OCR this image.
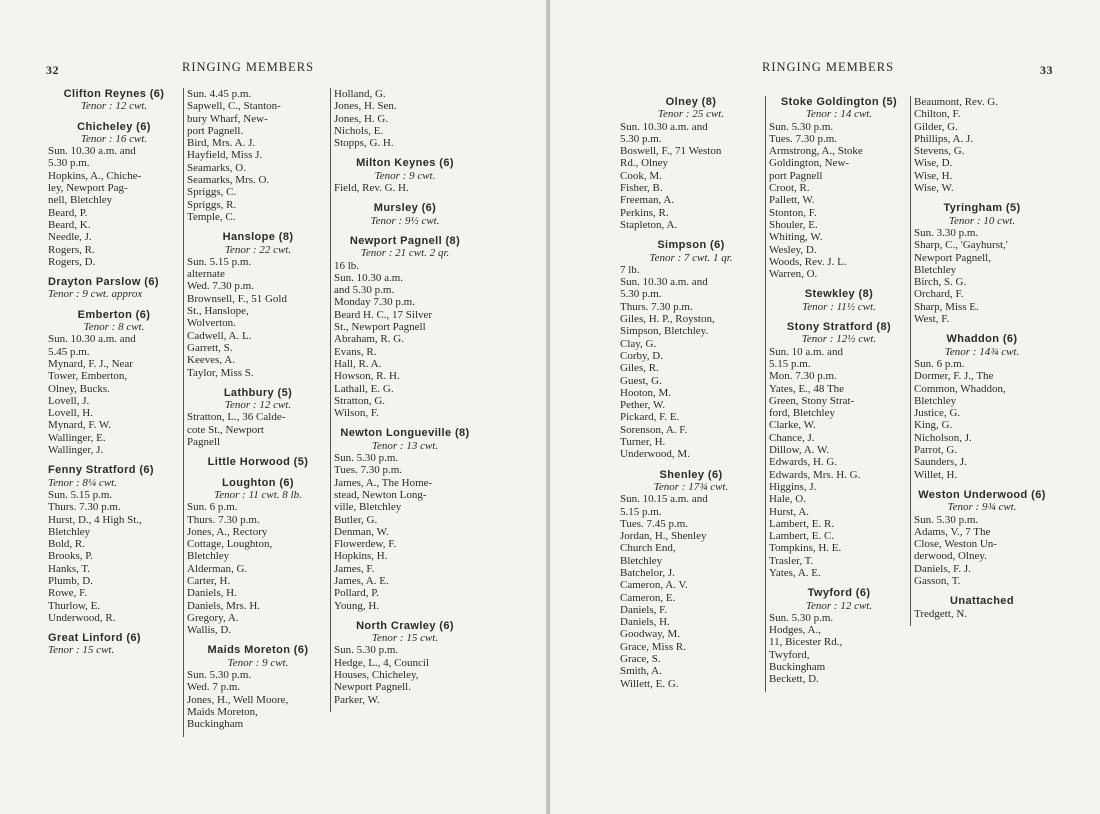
32	RINGING MEMBERS
Clifton Reynes (6)
Tenor : 12 cwt.
Chicheley (6)
Tenor : 16 cwt.
Sun. 10.30 a.m. and
5.30 p.m.
Hopkins, A., Chiche-
ley, Newport Pag-
nell, Bletchley
Beard, P.
Beard, K.
Needle, J.
Rogers, R.
Rogers, D.
Drayton Parslow (6)
Tenor : 9 cwt. approx
Emberton (6)
Tenor : 8 cwt.
Sun. 10.30 a.m. and
5.45 p.m.
Mynard, F. J., Near
Tower, Emberton,
Olney, Bucks.
Lovell, J.
Lovell, H.
Mynard, F. W.
Wallinger, E.
Wallinger, J.
Fenny Stratford (6)
Tenor : 8¼ cwt.
Sun. 5.15 p.m.
Thurs. 7.30 p.m.
Hurst, D., 4 High St.,
Bletchley
Bold, R.
Brooks, P.
Hanks, T.
Plumb, D.
Rowe, F.
Thurlow, E.
Underwood, R.
Great Linford (6)
Tenor : 15 cwt.
Sun. 4.45 p.m.
Sapwell, C., Stanton-
bury Wharf, New-
port Pagnell.
Bird, Mrs. A. J.
Hayfield, Miss J.
Seamarks, O.
Seamarks, Mrs. O.
Spriggs, C.
Spriggs, R.
Temple, C.
Hanslope (8)
Tenor : 22 cwt.
Sun. 5.15 p.m.
alternate
Wed. 7.30 p.m.
Brownsell, F., 51 Gold
St., Hanslope,
Wolverton.
Cadwell, A. L.
Garrett, S.
Keeves, A.
Taylor, Miss S.
Lathbury (5)
Tenor : 12 cwt.
Stratton, L., 36 Calde-
cote St., Newport
Pagnell
Little Horwood (5)
Loughton (6)
Tenor : 11 cwt. 8 lb.
Sun. 6 p.m.
Thurs. 7.30 p.m.
Jones, A., Rectory
Cottage, Loughton,
Bletchley
Alderman, G.
Carter, H.
Daniels, H.
Daniels, Mrs. H.
Gregory, A.
Wallis, D.
Maids Moreton (6)
Tenor : 9 cwt.
Sun. 5.30 p.m.
Wed. 7 p.m.
Jones, H., Well Moore,
Maids Moreton,
Buckingham
Holland, G.
Jones, H. Sen.
Jones, H. G.
Nichols, E.
Stopps, G. H.
Milton Keynes (6)
Tenor : 9 cwt.
Field, Rev. G. H.
Mursley (6)
Tenor : 9½ cwt.
Newport Pagnell (8)
Tenor : 21 cwt. 2 qr.
16 lb.
Sun. 10.30 a.m.
and 5.30 p.m.
Monday 7.30 p.m.
Beard H. C., 17 Silver
St., Newport Pagnell
Abraham, R. G.
Evans, R.
Hall, R. A.
Howson, R. H.
Lathall, E. G.
Stratton, G.
Wilson, F.
Newton Longueville (8)
Tenor : 13 cwt.
Sun. 5.30 p.m.
Tues. 7.30 p.m.
James, A., The Home-
stead, Newton Long-
ville, Bletchley
Butler, G.
Denman, W.
Flowerdew, F.
Hopkins, H.
James, F.
James, A. E.
Pollard, P.
Young, H.
North Crawley (6)
Tenor : 15 cwt.
Sun. 5.30 p.m.
Hedge, L., 4, Council
Houses, Chicheley,
Newport Pagnell.
Parker, W.
RINGING MEMBERS	33
Olney (8)
Tenor : 25 cwt.
Sun. 10.30 a.m. and
5.30 p.m.
Boswell, F., 71 Weston
Rd., Olney
Cook, M.
Fisher, B.
Freeman, A.
Perkins, R.
Stapleton, A.
Simpson (6)
Tenor : 7 cwt. 1 qr.
7 lb.
Sun. 10.30 a.m. and
5.30 p.m.
Thurs. 7.30 p.m.
Giles, H. P., Royston,
Simpson, Bletchley.
Clay, G.
Corby, D.
Giles, R.
Guest, G.
Hooton, M.
Pether, W.
Pickard, F. E.
Sorenson, A. F.
Turner, H.
Underwood, M.
Shenley (6)
Tenor : 17¾ cwt.
Sun. 10.15 a.m. and
5.15 p.m.
Tues. 7.45 p.m.
Jordan, H., Shenley
Church End,
Bletchley
Batchelor, J.
Cameron, A. V.
Cameron, E.
Daniels, F.
Daniels, H.
Goodway, M.
Grace, Miss R.
Grace, S.
Smith, A.
Willett, E. G.
Stoke Goldington (5)
Tenor : 14 cwt.
Sun. 5.30 p.m.
Tues. 7.30 p.m.
Armstrong, A., Stoke
Goldington, New-
port Pagnell
Croot, R.
Pallett, W.
Stonton, F.
Shouler, E.
Whiting, W.
Wesley, D.
Woods, Rev. J. L.
Warren, O.
Stewkley (8)
Tenor : 11½ cwt.
Stony Stratford (8)
Tenor : 12½ cwt.
Sun. 10 a.m. and
5.15 p.m.
Mon. 7.30 p.m.
Yates, E., 48 The
Green, Stony Strat-
ford, Bletchley
Clarke, W.
Chance, J.
Dillow, A. W.
Edwards, H. G.
Edwards, Mrs. H. G.
Higgins, J.
Hale, O.
Hurst, A.
Lambert, E. R.
Lambert, E. C.
Tompkins, H. E.
Trasler, T.
Yates, A. E.
Twyford (6)
Tenor : 12 cwt.
Sun. 5.30 p.m.
Hodges, A.,
11, Bicester Rd.,
Twyford,
Buckingham
Beckett, D.
Beaumont, Rev. G.
Chilton, F.
Gilder, G.
Phillips, A. J.
Stevens, G.
Wise, D.
Wise, H.
Wise, W.
Tyringham (5)
Tenor : 10 cwt.
Sun. 3.30 p.m.
Sharp, C., 'Gayhurst,'
Newport Pagnell,
Bletchley
Birch, S. G.
Orchard, F.
Sharp, Miss E.
West, F.
Whaddon (6)
Tenor : 14¾ cwt.
Sun. 6 p.m.
Dormer, F. J., The
Common, Whaddon,
Bletchley
Justice, G.
King, G.
Nicholson, J.
Parrot, G.
Saunders, J.
Willet, H.
Weston Underwood (6)
Tenor : 9¾ cwt.
Sun. 5.30 p.m.
Adams, V., 7 The
Close, Weston Un-
derwood, Olney.
Daniels, F. J.
Gasson, T.
Unattached
Tredgett, N.
